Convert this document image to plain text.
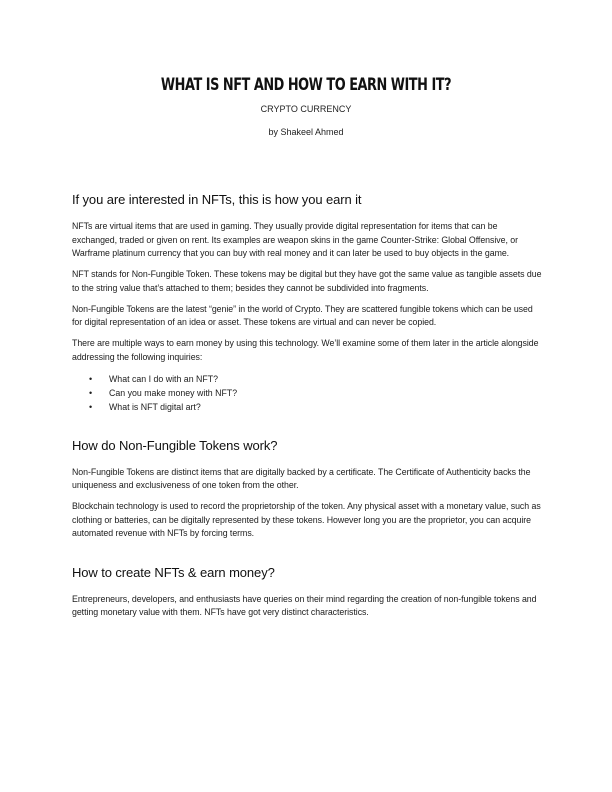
WHAT IS NFT AND HOW TO EARN WITH IT?
CRYPTO CURRENCY
by Shakeel Ahmed
If you are interested in NFTs, this is how you earn it

NFTs are virtual items that are used in gaming. They usually provide digital representation for items that can be exchanged, traded or given on rent. Its examples are weapon skins in the game Counter-Strike: Global Offensive, or Warframe platinum currency that you can buy with real money and it can later be used to buy objects in the game.

NFT stands for Non-Fungible Token. These tokens may be digital but they have got the same value as tangible assets due to the string value that’s attached to them; besides they cannot be subdivided into fragments.

Non-Fungible Tokens are the latest “genie” in the world of Crypto. They are scattered fungible tokens which can be used for digital representation of an idea or asset. These tokens are virtual and can never be copied.

There are multiple ways to earn money by using this technology. We’ll examine some of them later in the article alongside addressing the following inquiries:

• What can I do with an NFT?
• Can you make money with NFT?
• What is NFT digital art?
How do Non-Fungible Tokens work?

Non-Fungible Tokens are distinct items that are digitally backed by a certificate. The Certificate of Authenticity backs the uniqueness and exclusiveness of one token from the other.

Blockchain technology is used to record the proprietorship of the token. Any physical asset with a monetary value, such as clothing or batteries, can be digitally represented by these tokens. However long you are the proprietor, you can acquire automated revenue with NFTs by forcing terms.

How to create NFTs & earn money?

Entrepreneurs, developers, and enthusiasts have queries on their mind regarding the creation of non-fungible tokens and getting monetary value with them. NFTs have got very distinct characteristics.
